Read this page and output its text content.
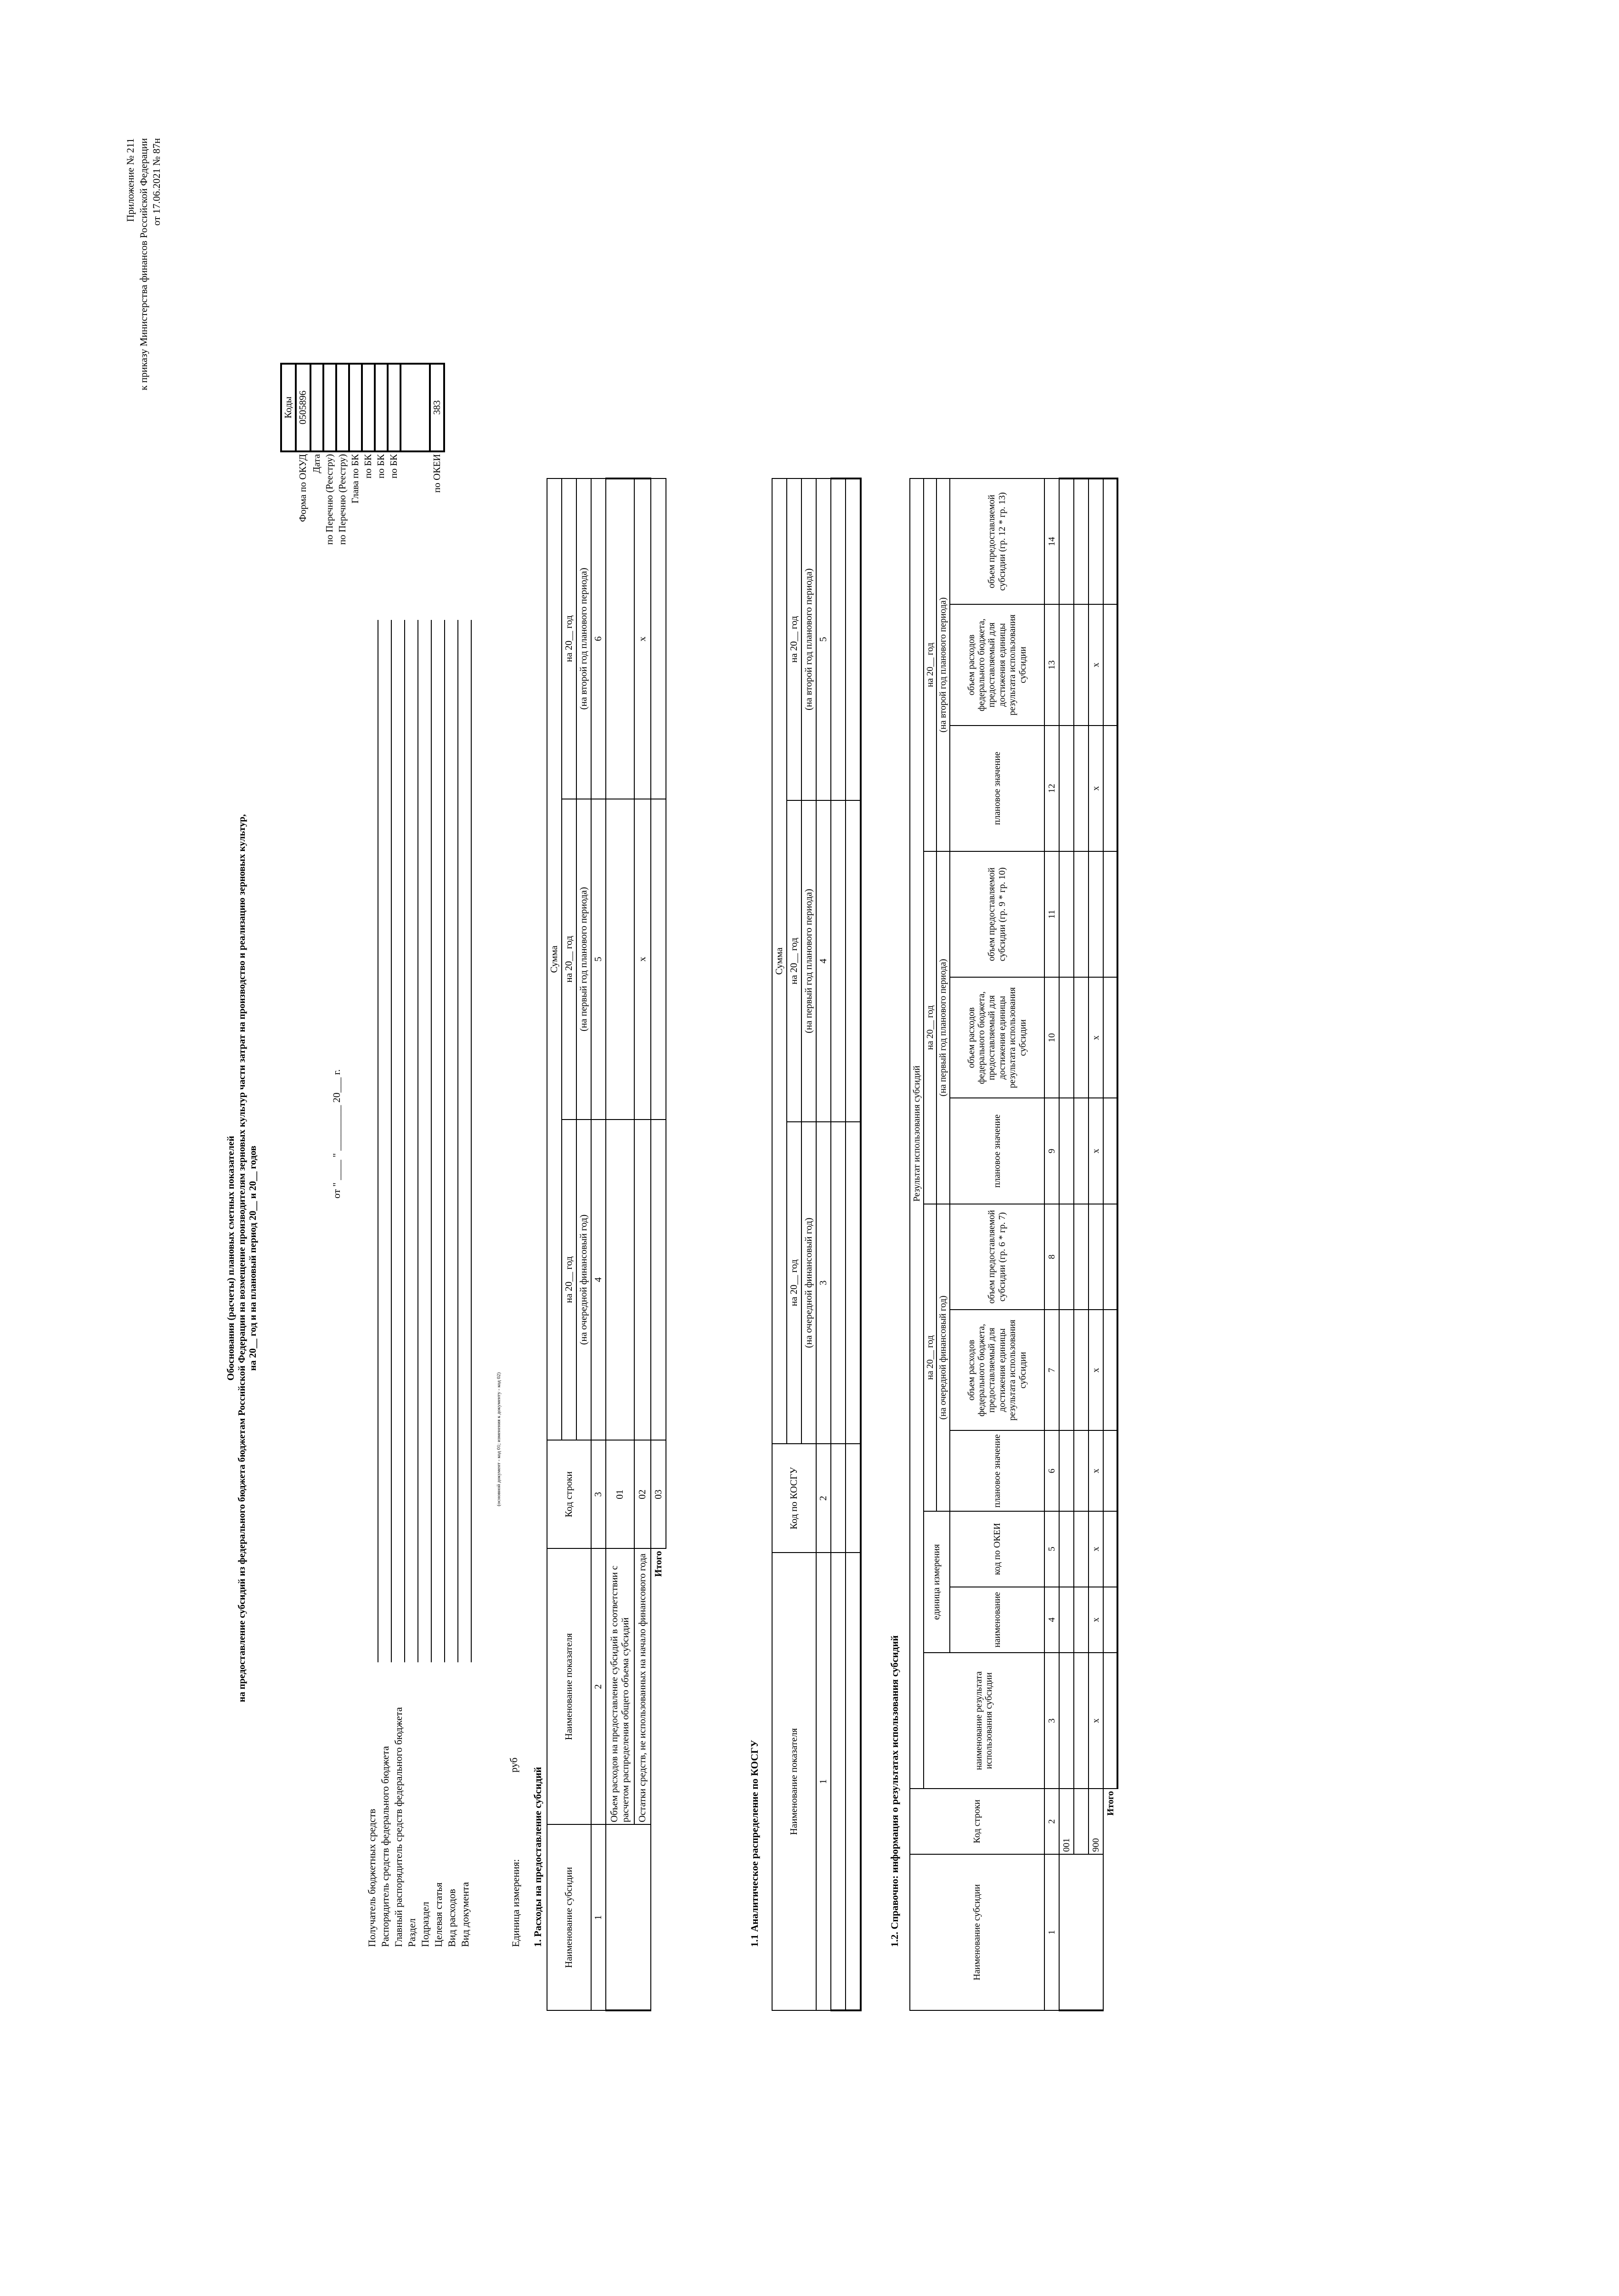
Приложение № 211 к приказу Министерства финансов Российской Федерации от 17.06.2021 № 87н
Обоснования (расчеты) плановых сметных показателей на предоставление субсидий из федерального бюджета бюджетам Российской Федерации на возмещение производителям зерновых культур части затрат на производство и реализацию зерновых культур, на 20__ год и на плановый период 20__ и 20__ годов
от " ____ " _________ 20___ г.
(основной документ - код 01; изменения к документу - код 02)
	Коды
Форма по ОКУД	0505896
Дата	
по Перечню (Реестру)	
по Перечню (Реестру)	
Глава по БК	
по БК	
по БК	
по БК	

по ОКЕИ	383
Получатель бюджетных средств Распорядитель средств федерального бюджета Главный распорядитель средств федерального бюджета Раздел Подраздел Целевая статья Вид расходов Вид документа	Единица измерения:
руб
1. Расходы на предоставление субсидий Наименование субсидии	Наименование показателя	Код строки	Сумма		
			на 20__ год	на 20__ год	на 20__ год
			(на очередной финансовый год)	(на первый год планового периода)	(на второй год планового периода)
1	2	3	4	5	6
	Объем расходов на предоставление субсидий в соответствии с расчетом распределения общего объема субсидий	01			
	Остатки средств, не использованных на начало финансового года	02		x	x
	Итого	03			
1.1 Аналитическое распределение по КОСГУ	Наименование показателя	Код по КОСГУ	Сумма		
		на 20__ год	на 20__ год	на 20__ год
		(на очередной финансовый год)	(на первый год планового периода)	(на второй год планового периода)
1	2	3	4	5

1.2. Справочно: информация о результатах использования субсидий	Наименование субсидии	Код строки	Результат использования субсидий											
		наименование результата использования субсидии	единица измерения		на 20__ год			на 20__ год			на 20__ год		
					(на очередной финансовый год)			(на первый год планового периода)			(на второй год планового периода)		
			наименование	код по ОКЕИ	плановое значение	объем расходов федерального бюджета, предоставляемый для достижения единицы результата использования субсидии	объем предоставляемой субсидии (гр. 6 * гр. 7)	плановое значение	объем расходов федерального бюджета, предоставляемый для достижения единицы результата использования субсидии	объем предоставляемой субсидии (гр. 9 * гр. 10)	плановое значение	объем расходов федерального бюджета, предоставляемый для достижения единицы результата использования субсидии	объем предоставляемой субсидии (гр. 12 * гр. 13)

1	2	3	4	5	6	7	8	9	10	11	12	13	14
	001												

	900	x	x	x	x	x		x	x		x	x	
Итого													
